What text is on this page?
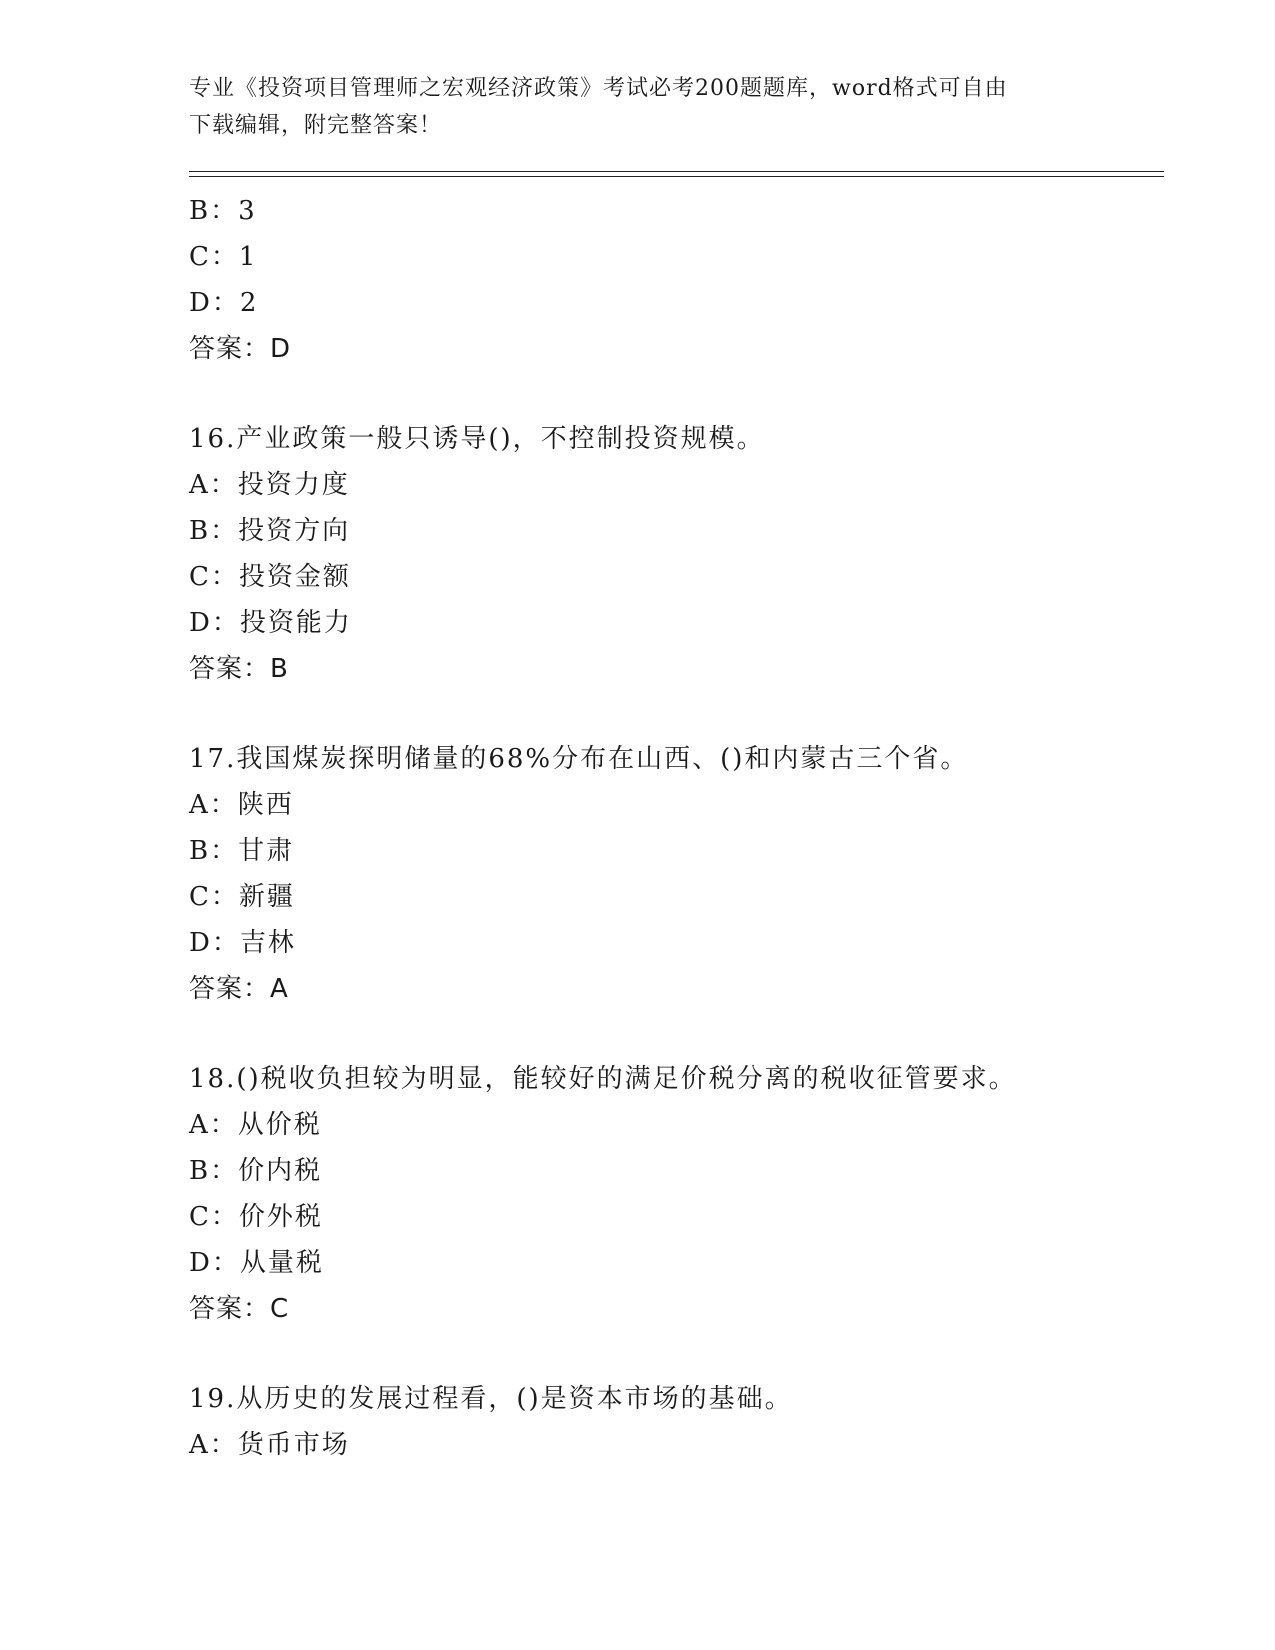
专业《投资项目管理师之宏观经济政策》考试必考200题题库，word格式可自由
下载编辑，附完整答案！
B：3
C：1
D：2
答案：D
16.产业政策一般只诱导()，不控制投资规模。
A：投资力度
B：投资方向
C：投资金额
D：投资能力
答案：B
17.我国煤炭探明储量的68%分布在山西、()和内蒙古三个省。
A：陕西
B：甘肃
C：新疆
D：吉林
答案：A
18.()税收负担较为明显，能较好的满足价税分离的税收征管要求。
A：从价税
B：价内税
C：价外税
D：从量税
答案：C
19.从历史的发展过程看，()是资本市场的基础。
A：货币市场
